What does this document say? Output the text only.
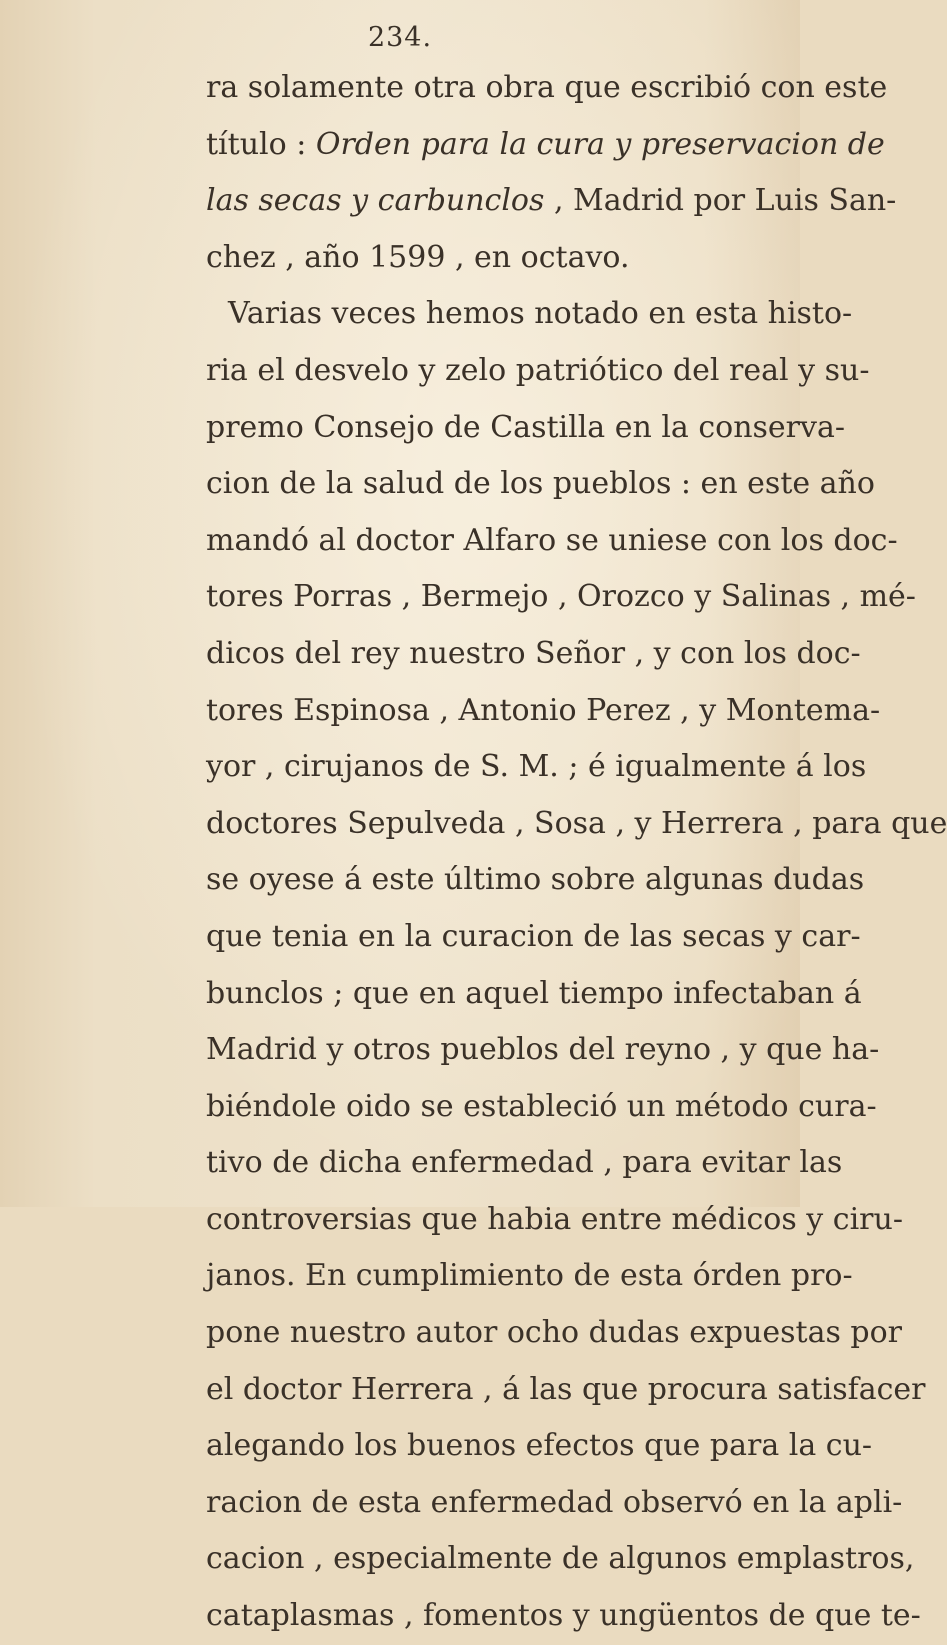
234.
ra solamente otra obra que escribió con este
título : Orden para la cura y preservacion de
las secas y carbunclos , Madrid por Luis San-
chez , año 1599 , en octavo.
Varias veces hemos notado en esta histo-
ria el desvelo y zelo patriótico del real y su-
premo Consejo de Castilla en la conserva-
cion de la salud de los pueblos : en este año
mandó al doctor Alfaro se uniese con los doc-
tores Porras , Bermejo , Orozco y Salinas , mé-
dicos del rey nuestro Señor , y con los doc-
tores Espinosa , Antonio Perez , y Montema-
yor , cirujanos de S. M. ; é igualmente á los
doctores Sepulveda , Sosa , y Herrera , para que
se oyese á este último sobre algunas dudas
que tenia en la curacion de las secas y car-
bunclos ; que en aquel tiempo infectaban á
Madrid y otros pueblos del reyno , y que ha-
biéndole oido se estableció un método cura-
tivo de dicha enfermedad , para evitar las
controversias que habia entre médicos y ciru-
janos. En cumplimiento de esta órden pro-
pone nuestro autor ocho dudas expuestas por
el doctor Herrera , á las que procura satisfacer
alegando los buenos efectos que para la cu-
racion de esta enfermedad observó en la apli-
cacion , especialmente de algunos emplastros,
cataplasmas , fomentos y ungüentos de que te-
